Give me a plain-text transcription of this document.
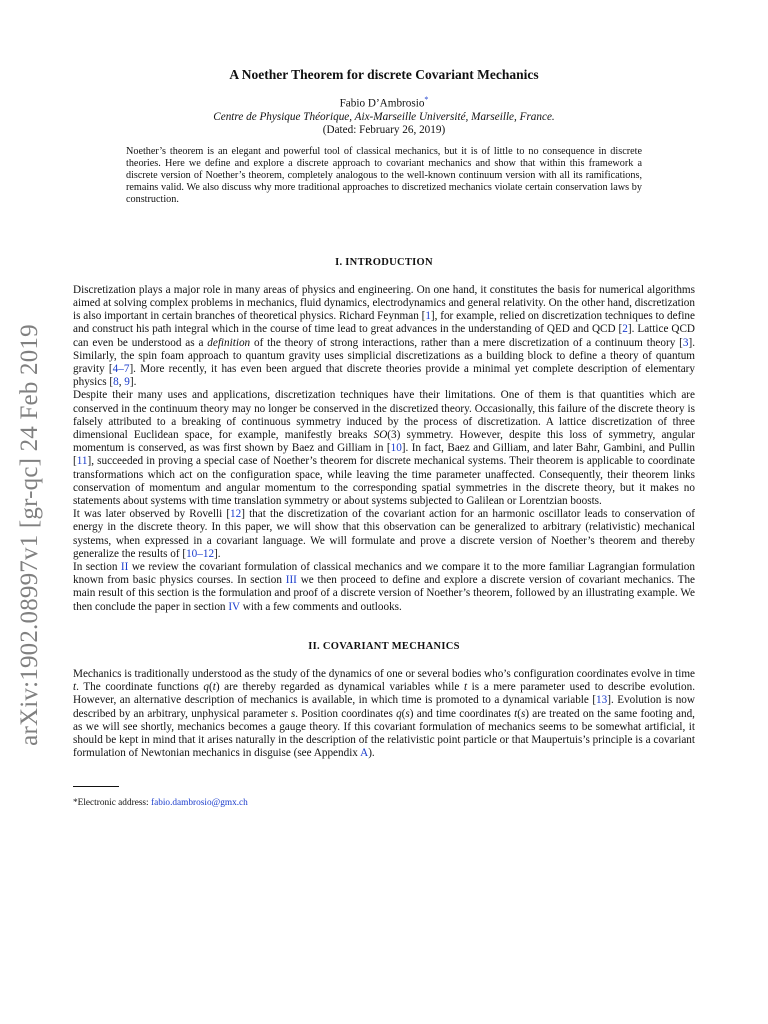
arXiv:1902.08997v1 [gr-qc] 24 Feb 2019
A Noether Theorem for discrete Covariant Mechanics

Fabio D’Ambrosio*

Centre de Physique Théorique, Aix-Marseille Université, Marseille, France.

(Dated: February 26, 2019)

Noether’s theorem is an elegant and powerful tool of classical mechanics, but it is of little to no consequence in discrete theories. Here we define and explore a discrete approach to covariant mechanics and show that within this framework a discrete version of Noether’s theorem, completely analogous to the well-known continuum version with all its ramifications, remains valid. We also discuss why more traditional approaches to discretized mechanics violate certain conservation laws by construction.
I. INTRODUCTION

Discretization plays a major role in many areas of physics and engineering. On one hand, it constitutes the basis for numerical algorithms aimed at solving complex problems in mechanics, fluid dynamics, electrodynamics and general relativity. On the other hand, discretization is also important in certain branches of theoretical physics. Richard Feynman [1], for example, relied on discretization techniques to define and construct his path integral which in the course of time lead to great advances in the understanding of QED and QCD [2]. Lattice QCD can even be understood as a definition of the theory of strong interactions, rather than a mere discretization of a continuum theory [3]. Similarly, the spin foam approach to quantum gravity uses simplicial discretizations as a building block to define a theory of quantum gravity [4–7]. More recently, it has even been argued that discrete theories provide a minimal yet complete description of elementary physics [8, 9].

Despite their many uses and applications, discretization techniques have their limitations. One of them is that quantities which are conserved in the continuum theory may no longer be conserved in the discretized theory. Occasionally, this failure of the discrete theory is falsely attributed to a breaking of continuous symmetry induced by the process of discretization. A lattice discretization of three dimensional Euclidean space, for example, manifestly breaks SO(3) symmetry. However, despite this loss of symmetry, angular momentum is conserved, as was first shown by Baez and Gilliam in [10]. In fact, Baez and Gilliam, and later Bahr, Gambini, and Pullin [11], succeeded in proving a special case of Noether’s theorem for discrete mechanical systems. Their theorem is applicable to coordinate transformations which act on the configuration space, while leaving the time parameter unaffected. Consequently, their theorem links conservation of momentum and angular momentum to the corresponding spatial symmetries in the discrete theory, but it makes no statements about systems with time translation symmetry or about systems subjected to Galilean or Lorentzian boosts.

It was later observed by Rovelli [12] that the discretization of the covariant action for an harmonic oscillator leads to conservation of energy in the discrete theory. In this paper, we will show that this observation can be generalized to arbitrary (relativistic) mechanical systems, when expressed in a covariant language. We will formulate and prove a discrete version of Noether’s theorem and thereby generalize the results of [10–12].

In section II we review the covariant formulation of classical mechanics and we compare it to the more familiar Lagrangian formulation known from basic physics courses. In section III we then proceed to define and explore a discrete version of covariant mechanics. The main result of this section is the formulation and proof of a discrete version of Noether’s theorem, followed by an illustrating example. We then conclude the paper in section IV with a few comments and outlooks.

II. COVARIANT MECHANICS

Mechanics is traditionally understood as the study of the dynamics of one or several bodies who’s configuration coordinates evolve in time t. The coordinate functions q(t) are thereby regarded as dynamical variables while t is a mere parameter used to describe evolution. However, an alternative description of mechanics is available, in which time is promoted to a dynamical variable [13]. Evolution is now described by an arbitrary, unphysical parameter s. Position coordinates q(s) and time coordinates t(s) are treated on the same footing and, as we will see shortly, mechanics becomes a gauge theory. If this covariant formulation of mechanics seems to be somewhat artificial, it should be kept in mind that it arises naturally in the description of the relativistic point particle or that Maupertuis’s principle is a covariant formulation of Newtonian mechanics in disguise (see Appendix A).

*Electronic address: fabio.dambrosio@gmx.ch
